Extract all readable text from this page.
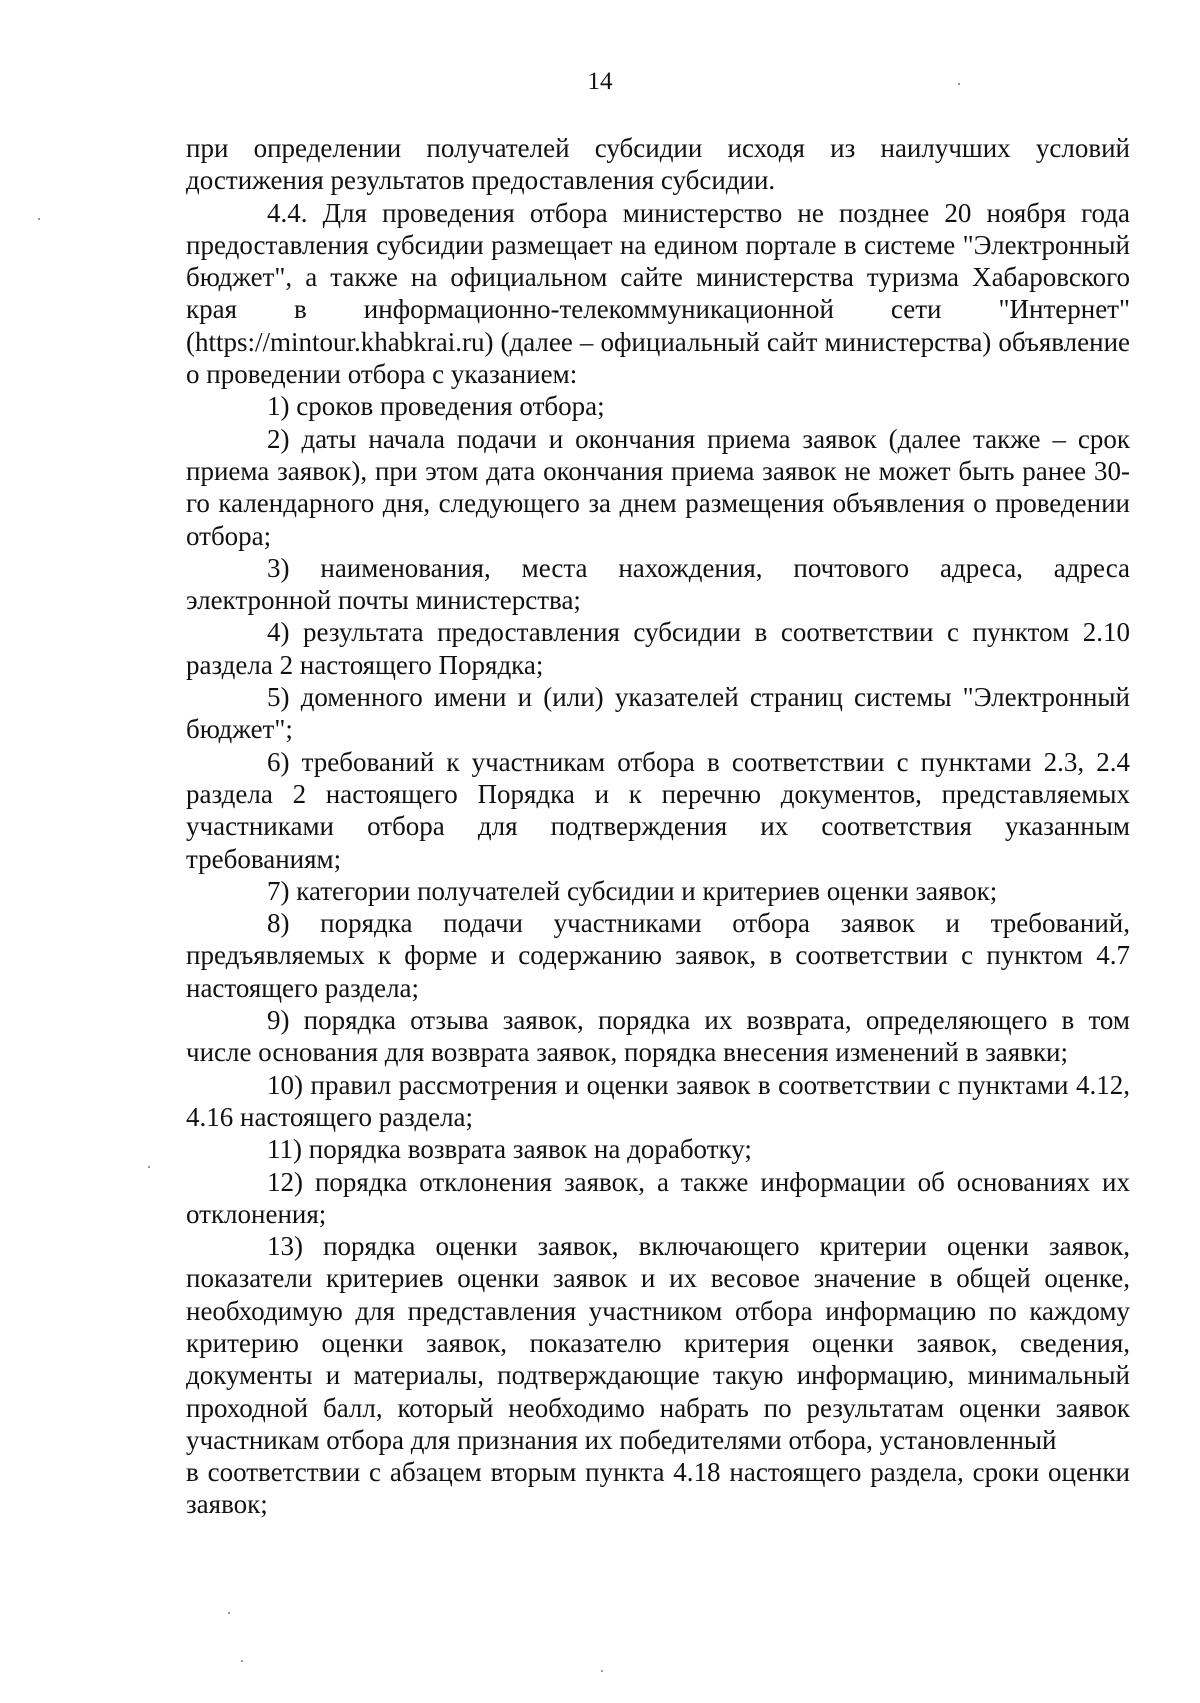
14

при определении получателей субсидии исходя из наилучших условий достижения результатов предоставления субсидии.

4.4. Для проведения отбора министерство не позднее 20 ноября года предоставления субсидии размещает на едином портале в системе "Электронный бюджет", а также на официальном сайте министерства туризма Хабаровского края в информационно-телекоммуникационной сети "Интернет" (https://mintour.khabkrai.ru) (далее – официальный сайт министерства) объявление о проведении отбора с указанием:

1) сроков проведения отбора;

2) даты начала подачи и окончания приема заявок (далее также – срок приема заявок), при этом дата окончания приема заявок не может быть ранее 30-го календарного дня, следующего за днем размещения объявления о проведении отбора;

3) наименования, места нахождения, почтового адреса, адреса электронной почты министерства;

4) результата предоставления субсидии в соответствии с пунктом 2.10 раздела 2 настоящего Порядка;

5) доменного имени и (или) указателей страниц системы "Электронный бюджет";

6) требований к участникам отбора в соответствии с пунктами 2.3, 2.4 раздела 2 настоящего Порядка и к перечню документов, представляемых участниками отбора для подтверждения их соответствия указанным требованиям;

7) категории получателей субсидии и критериев оценки заявок;

8) порядка подачи участниками отбора заявок и требований, предъявляемых к форме и содержанию заявок, в соответствии с пунктом 4.7 настоящего раздела;

9) порядка отзыва заявок, порядка их возврата, определяющего в том числе основания для возврата заявок, порядка внесения изменений в заявки;

10) правил рассмотрения и оценки заявок в соответствии с пунктами 4.12, 4.16 настоящего раздела;

11) порядка возврата заявок на доработку;

12) порядка отклонения заявок, а также информации об основаниях их отклонения;

13) порядка оценки заявок, включающего критерии оценки заявок, показатели критериев оценки заявок и их весовое значение в общей оценке, необходимую для представления участником отбора информацию по каждому критерию оценки заявок, показателю критерия оценки заявок, сведения, документы и материалы, подтверждающие такую информацию, минимальный проходной балл, который необходимо набрать по результатам оценки заявок участникам отбора для признания их победителями отбора, установленный

в соответствии с абзацем вторым пункта 4.18 настоящего раздела, сроки оценки заявок;
